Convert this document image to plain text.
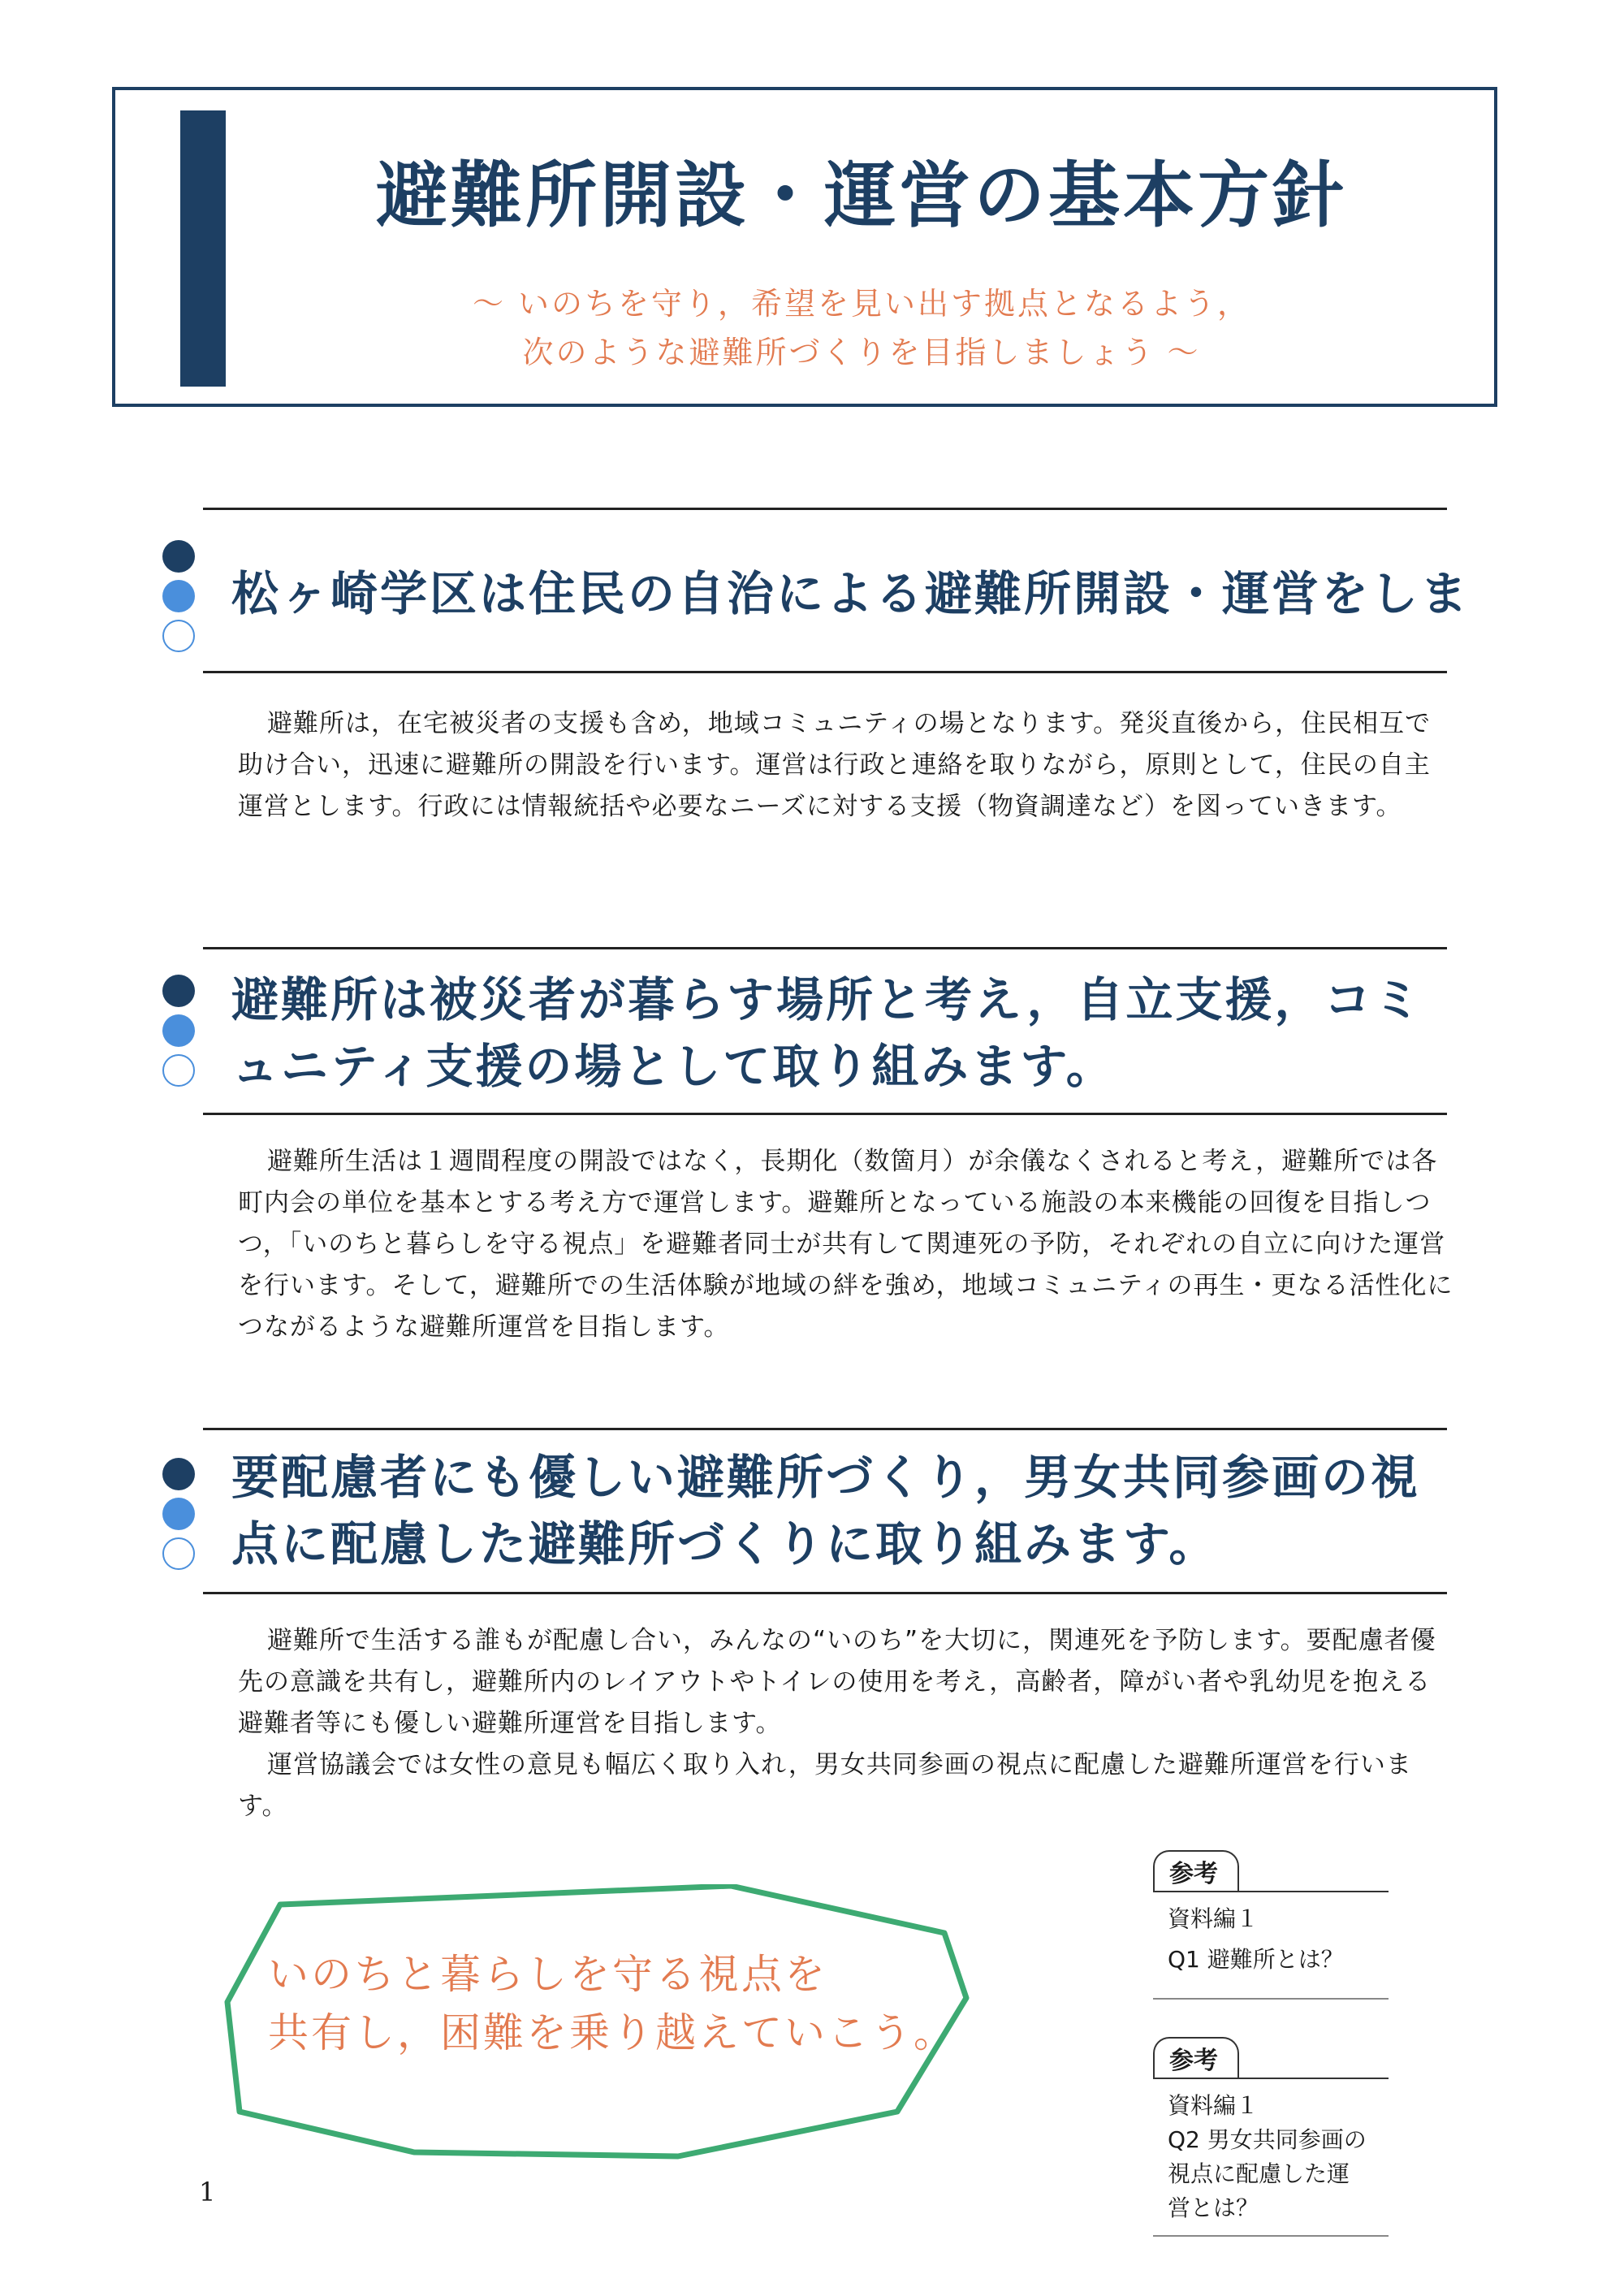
避難所開設・運営の基本方針
〜 いのちを守り，希望を見い出す拠点となるよう，
次のような避難所づくりを目指しましょう 〜
松ヶ崎学区は住民の自治による避難所開設・運営をしま

避難所は，在宅被災者の支援も含め，地域コミュニティの場となります。発災直後から，住民相互で助け合い，迅速に避難所の開設を行います。運営は行政と連絡を取りながら，原則として，住民の自主運営とします。行政には情報統括や必要なニーズに対する支援（物資調達など）を図っていきます。

避難所は被災者が暮らす場所と考え，自立支援，コミ
ュニティ支援の場として取り組みます。

避難所生活は１週間程度の開設ではなく，長期化（数箇月）が余儀なくされると考え，避難所では各町内会の単位を基本とする考え方で運営します。避難所となっている施設の本来機能の回復を目指しつつ，「いのちと暮らしを守る視点」を避難者同士が共有して関連死の予防，それぞれの自立に向けた運営を行います。そして，避難所での生活体験が地域の絆を強め，地域コミュニティの再生・更なる活性化につながるような避難所運営を目指します。

要配慮者にも優しい避難所づくり，男女共同参画の視
点に配慮した避難所づくりに取り組みます。

避難所で生活する誰もが配慮し合い，みんなの“いのち”を大切に，関連死を予防します。要配慮者優先の意識を共有し，避難所内のレイアウトやトイレの使用を考え，高齢者，障がい者や乳幼児を抱える避難者等にも優しい避難所運営を目指します。

運営協議会では女性の意見も幅広く取り入れ，男女共同参画の視点に配慮した避難所運営を行います。

参考
資料編１
Q1 避難所とは？
参考
資料編１
Q2 男女共同参画の
視点に配慮した運
営とは？
いのちと暮らしを守る視点を
共有し，困難を乗り越えていこう。
1
